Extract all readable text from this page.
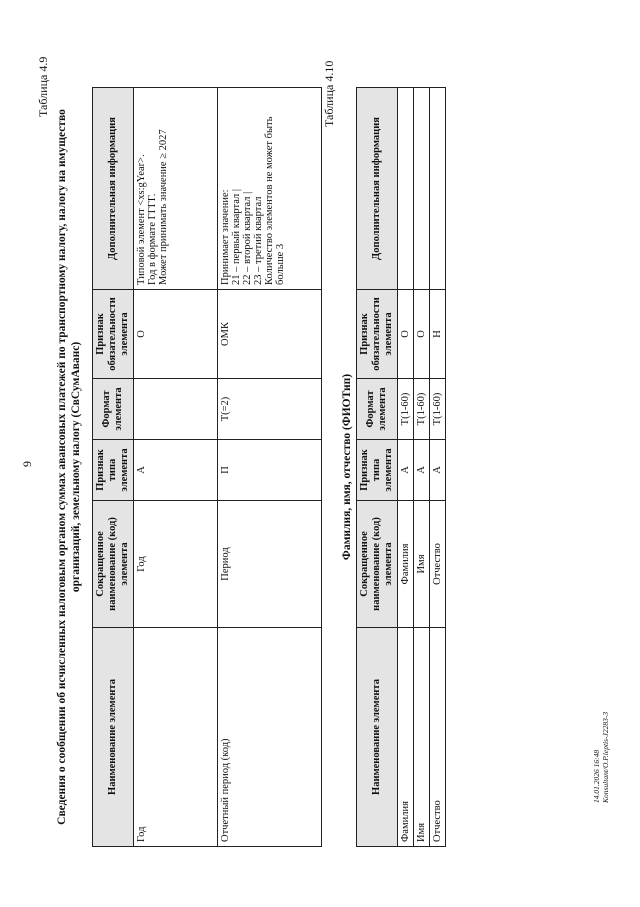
9
Таблица 4.9
Сведения о сообщении об исчисленных налоговым органом суммах авансовых платежей по транспортному налогу, налогу на имущество организаций, земельному налогу (СвСумАванс)
Наименование элемента	Сокращенное наименование (код) элемента	Признак типа элемента	Формат элемента	Признак обязательности элемента	Дополнительная информация
Год	Год	А		О	Типовой элемент <xs:gYear>. Год в формате ГГГГ. Может принимать значение ≥ 2027

Отчетный период (код)	Период	П	Т(=2)	ОМК	Принимает значение: 21 – первый квартал | 22 – второй квартал | 23 – третий квартал Количество элементов не может быть больше 3
Таблица 4.10
Фамилия, имя, отчество (ФИОТип)
Наименование элемента	Сокращенное наименование (код) элемента	Признак типа элемента	Формат элемента	Признак обязательности элемента	Дополнительная информация
Фамилия	Фамилия	А	Т(1-60)	О	
Имя	Имя	А	Т(1-60)	О	
Отчество	Отчество	А	Т(1-60)	Н	
14.01.2026 16:48 Konsultant/O.P.leptis-J2283-3
